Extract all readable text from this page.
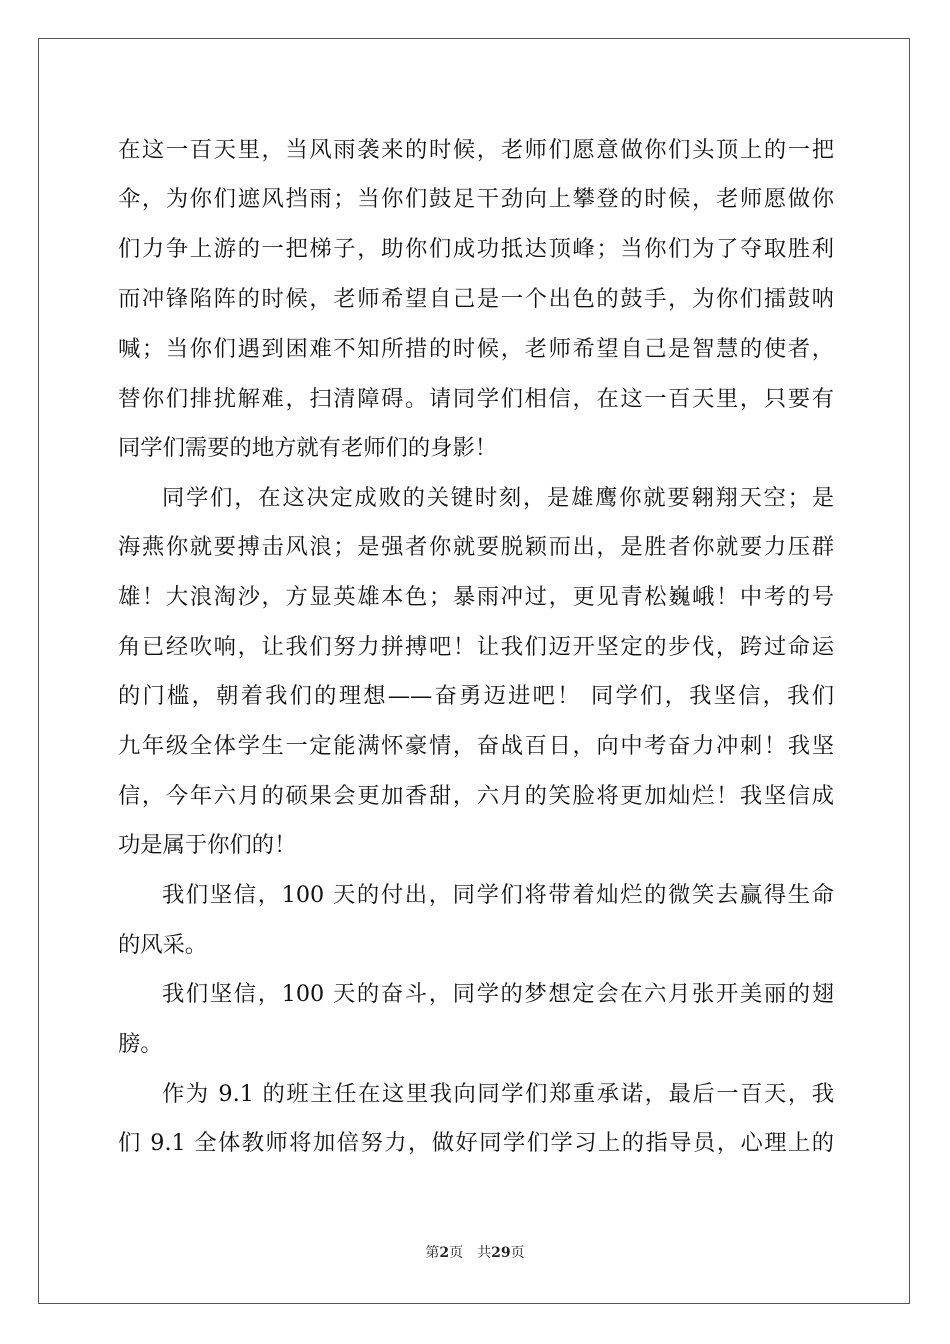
在这一百天里，当风雨袭来的时候，老师们愿意做你们头顶上的一把
伞，为你们遮风挡雨；当你们鼓足干劲向上攀登的时候，老师愿做你
们力争上游的一把梯子，助你们成功抵达顶峰；当你们为了夺取胜利
而冲锋陷阵的时候，老师希望自己是一个出色的鼓手，为你们擂鼓呐
喊；当你们遇到困难不知所措的时候，老师希望自己是智慧的使者，
替你们排扰解难，扫清障碍。请同学们相信，在这一百天里，只要有
同学们需要的地方就有老师们的身影！
同学们，在这决定成败的关键时刻，是雄鹰你就要翱翔天空；是
海燕你就要搏击风浪；是强者你就要脱颖而出，是胜者你就要力压群
雄！大浪淘沙，方显英雄本色；暴雨冲过，更见青松巍峨！中考的号
角已经吹响，让我们努力拼搏吧！让我们迈开坚定的步伐，跨过命运
的门槛，朝着我们的理想——奋勇迈进吧！ 同学们，我坚信，我们
九年级全体学生一定能满怀豪情，奋战百日，向中考奋力冲刺！我坚
信，今年六月的硕果会更加香甜，六月的笑脸将更加灿烂！我坚信成
功是属于你们的！
我们坚信，100 天的付出，同学们将带着灿烂的微笑去赢得生命
的风采。
我们坚信，100 天的奋斗，同学的梦想定会在六月张开美丽的翅
膀。
作为 9.1 的班主任在这里我向同学们郑重承诺，最后一百天，我
们 9.1 全体教师将加倍努力，做好同学们学习上的指导员，心理上的
第2页 共29页
